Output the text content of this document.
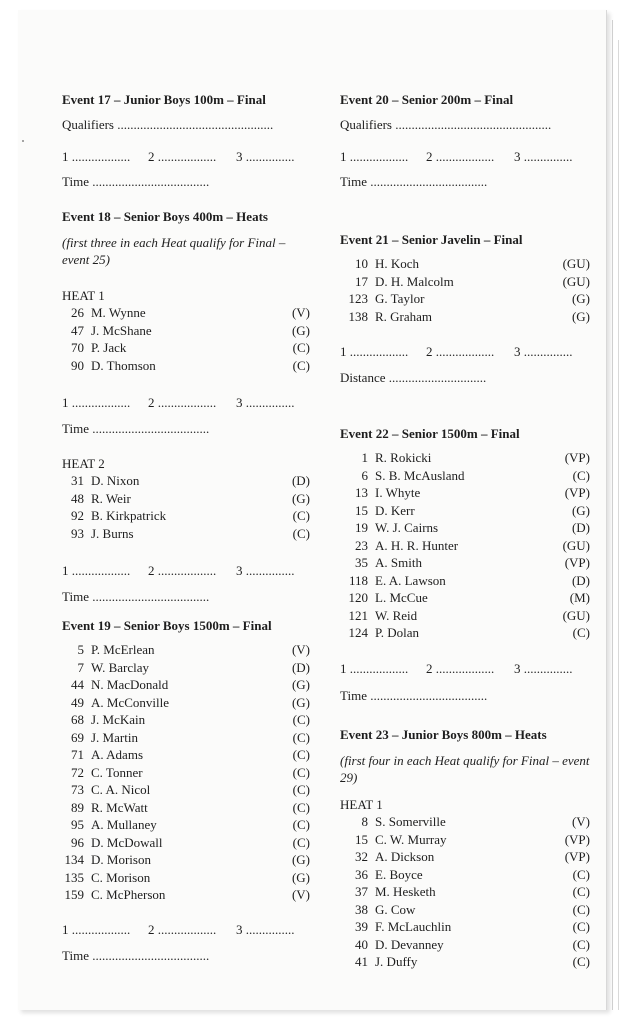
Event 17 – Junior Boys 100m – Final
Qualifiers ................................................
1 .................. 2 .................. 3 ...............
Time ....................................
Event 18 – Senior Boys 400m – Heats
(first three in each Heat qualify for Final – event 25)
HEAT 1
26	M. Wynne	(V)
47	J. McShane	(G)
70	P. Jack	(C)
90	D. Thomson	(C)
1 .................. 2 .................. 3 ...............
Time ....................................
HEAT 2
31	D. Nixon	(D)
48	R. Weir	(G)
92	B. Kirkpatrick	(C)
93	J. Burns	(C)
1 .................. 2 .................. 3 ...............
Time ....................................
Event 19 – Senior Boys 1500m – Final
5	P. McErlean	(V)
7	W. Barclay	(D)
44	N. MacDonald	(G)
49	A. McConville	(G)
68	J. McKain	(C)
69	J. Martin	(C)
71	A. Adams	(C)
72	C. Tonner	(C)
73	C. A. Nicol	(C)
89	R. McWatt	(C)
95	A. Mullaney	(C)
96	D. McDowall	(C)
134	D. Morison	(G)
135	C. Morison	(G)
159	C. McPherson	(V)
1 .................. 2 .................. 3 ...............
Time ....................................
Event 20 – Senior 200m – Final
Qualifiers ................................................
1 .................. 2 .................. 3 ...............
Time ....................................
Event 21 – Senior Javelin – Final
10	H. Koch	(GU)
17	D. H. Malcolm	(GU)
123	G. Taylor	(G)
138	R. Graham	(G)
1 .................. 2 .................. 3 ...............
Distance ..............................
Event 22 – Senior 1500m – Final
1	R. Rokicki	(VP)
6	S. B. McAusland	(C)
13	I. Whyte	(VP)
15	D. Kerr	(G)
19	W. J. Cairns	(D)
23	A. H. R. Hunter	(GU)
35	A. Smith	(VP)
118	E. A. Lawson	(D)
120	L. McCue	(M)
121	W. Reid	(GU)
124	P. Dolan	(C)
1 .................. 2 .................. 3 ...............
Time ....................................
Event 23 – Junior Boys 800m – Heats
(first four in each Heat qualify for Final – event 29)
HEAT 1
8	S. Somerville	(V)
15	C. W. Murray	(VP)
32	A. Dickson	(VP)
36	E. Boyce	(C)
37	M. Hesketh	(C)
38	G. Cow	(C)
39	F. McLauchlin	(C)
40	D. Devanney	(C)
41	J. Duffy	(C)
